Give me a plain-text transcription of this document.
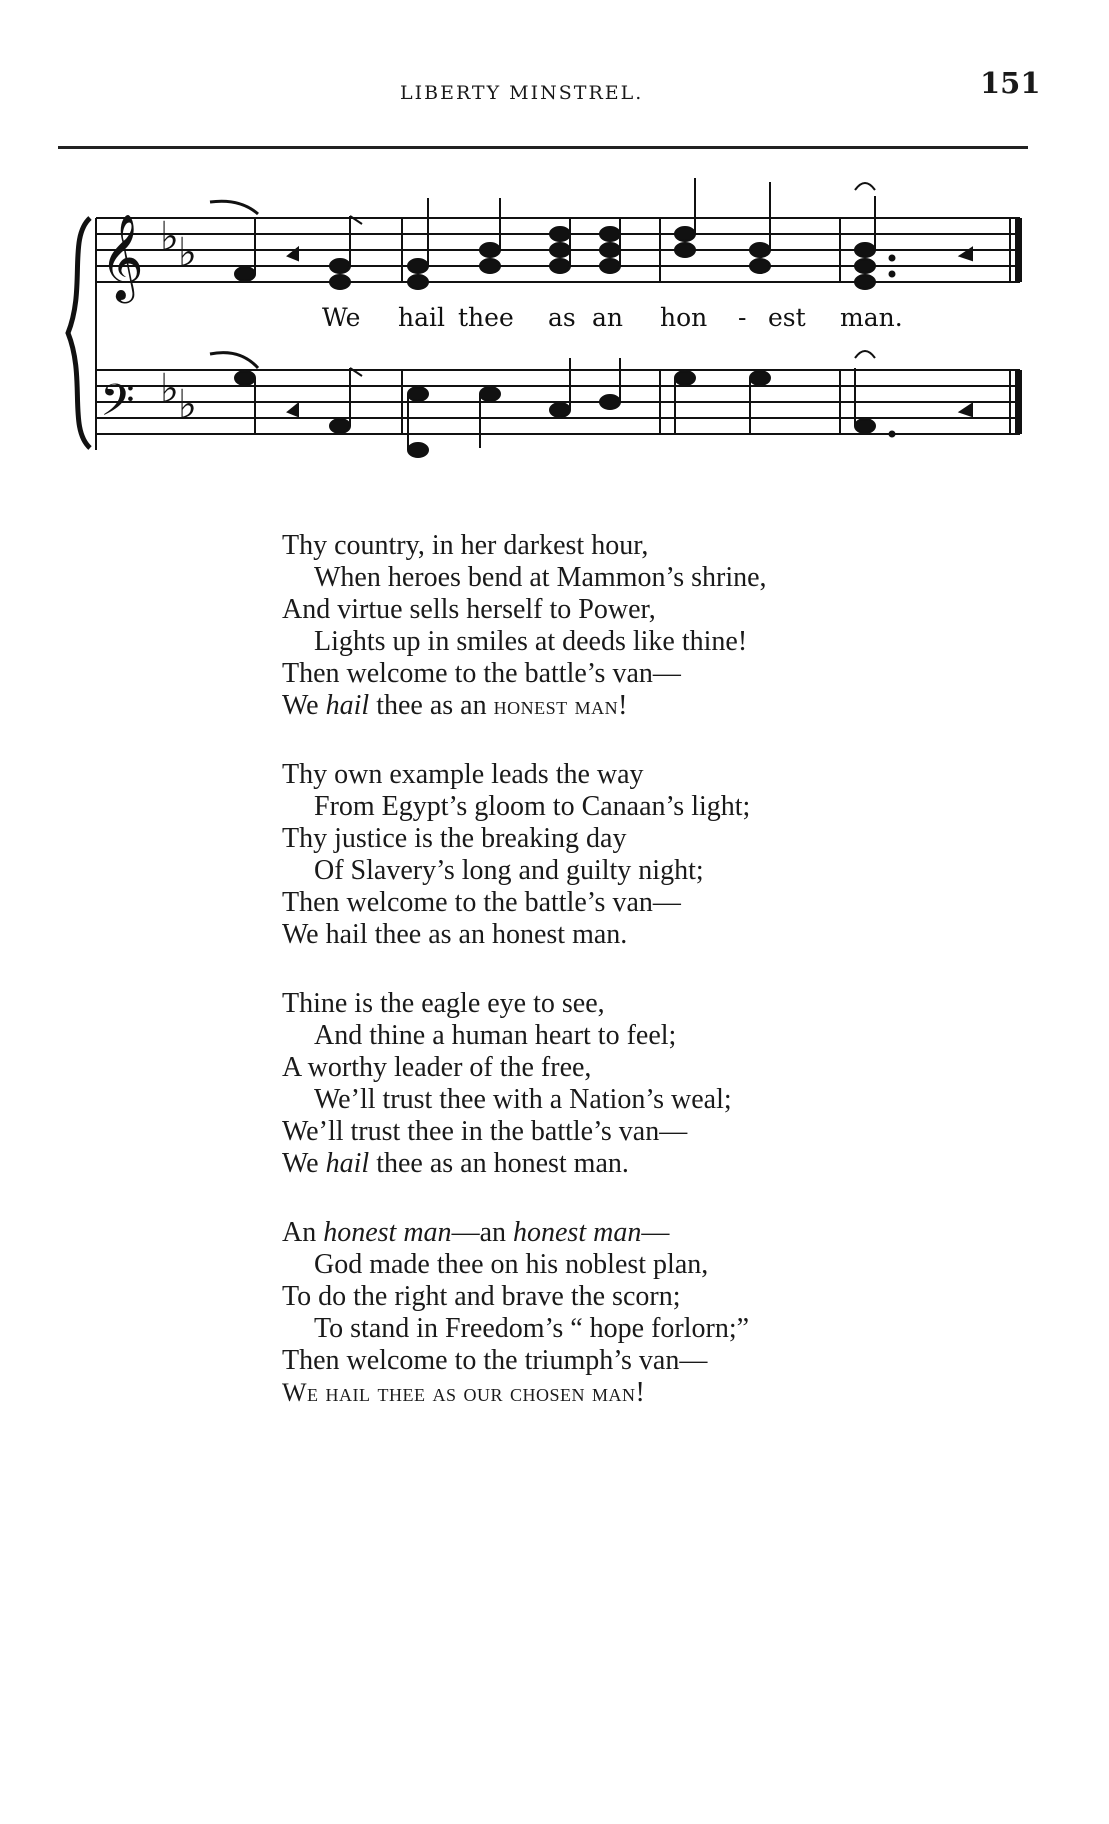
LIBERTY MINSTREL.	151
𝄞 ♭ ♭
𝄢 ♭ ♭
We hail thee as an hon - est man.
Thy country, in her darkest hour,
When heroes bend at Mammon’s shrine,
And virtue sells herself to Power,
Lights up in smiles at deeds like thine!
Then welcome to the battle’s van—
We hail thee as an honest man!
Thy own example leads the way
From Egypt’s gloom to Canaan’s light;
Thy justice is the breaking day
Of Slavery’s long and guilty night;
Then welcome to the battle’s van—
We hail thee as an honest man.
Thine is the eagle eye to see,
And thine a human heart to feel;
A worthy leader of the free,
We’ll trust thee with a Nation’s weal;
We’ll trust thee in the battle’s van—
We hail thee as an honest man.
An honest man—an honest man—
God made thee on his noblest plan,
To do the right and brave the scorn;
To stand in Freedom’s “ hope forlorn;”
Then welcome to the triumph’s van—
We hail thee as our chosen man!
